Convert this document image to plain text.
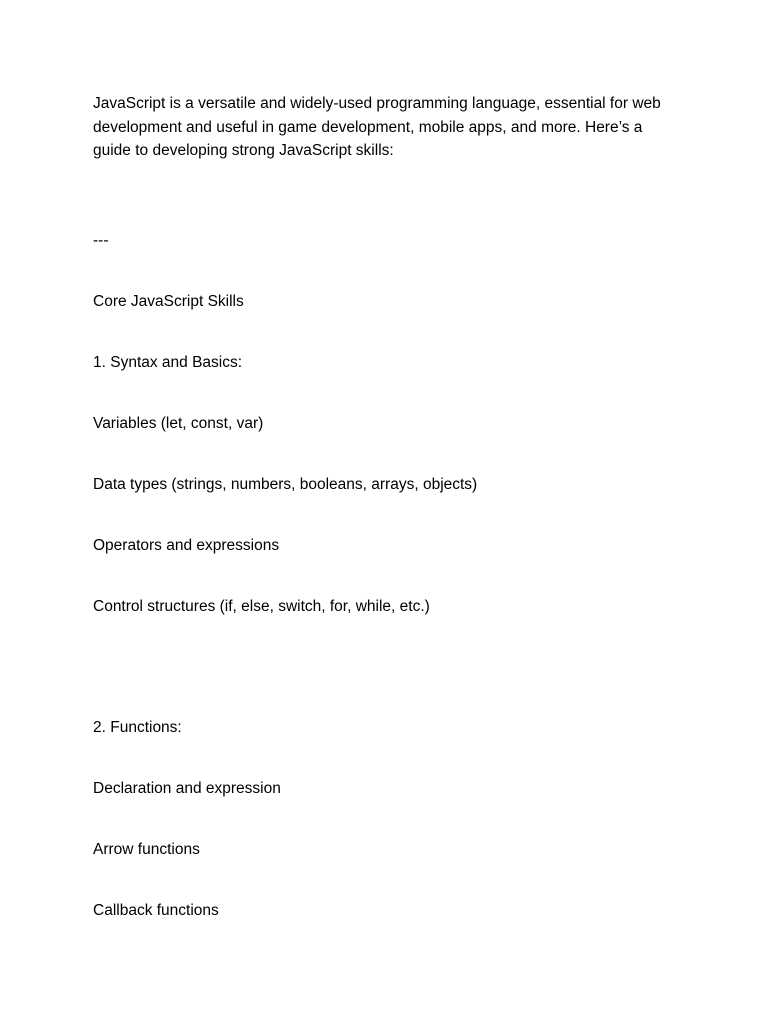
JavaScript is a versatile and widely-used programming language, essential for web
development and useful in game development, mobile apps, and more. Here’s a
guide to developing strong JavaScript skills:

---

Core JavaScript Skills

1. Syntax and Basics:

Variables (let, const, var)

Data types (strings, numbers, booleans, arrays, objects)

Operators and expressions

Control structures (if, else, switch, for, while, etc.)

2. Functions:

Declaration and expression

Arrow functions

Callback functions
